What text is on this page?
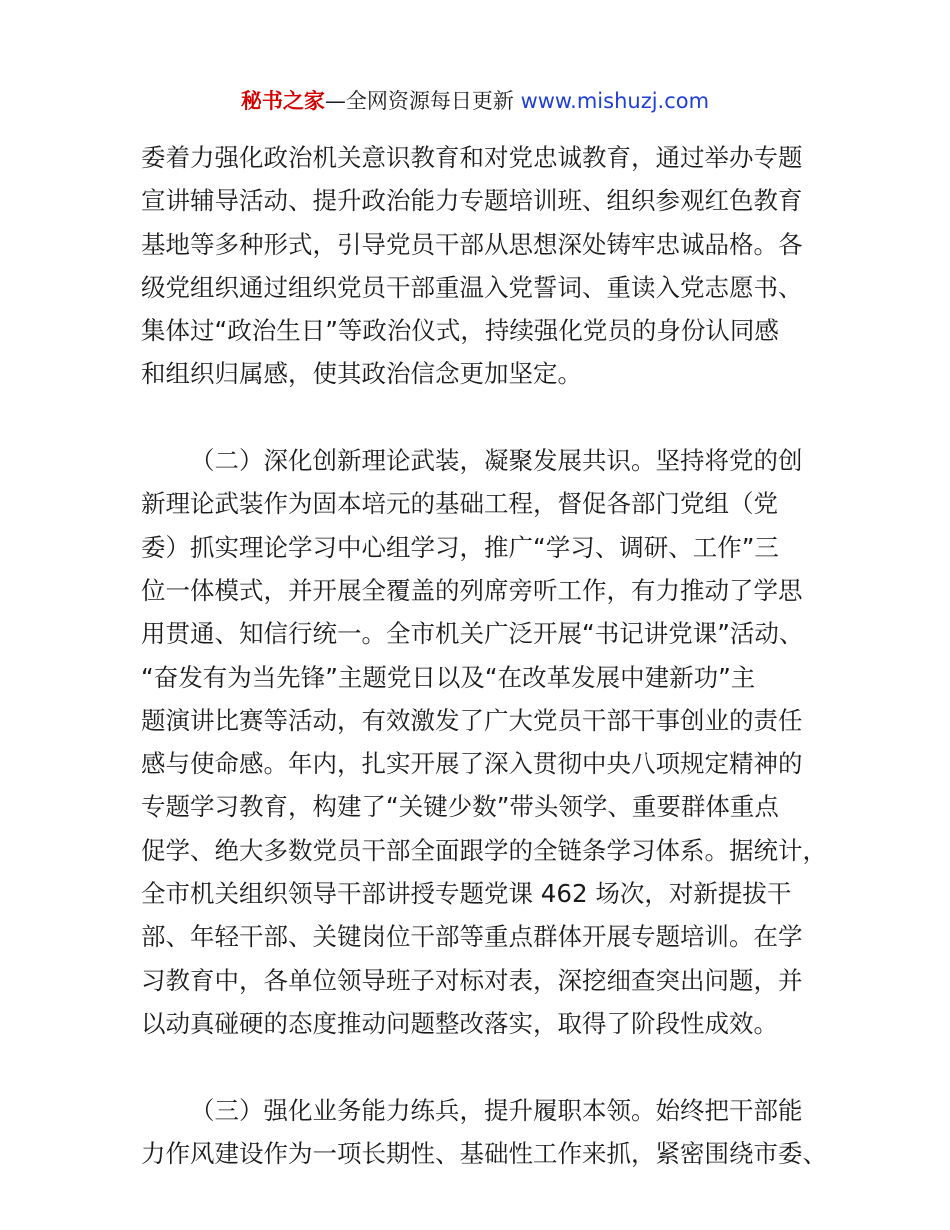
秘书之家—全网资源每日更新 www.mishuzj.com
委着力强化政治机关意识教育和对党忠诚教育，通过举办专题
宣讲辅导活动、提升政治能力专题培训班、组织参观红色教育
基地等多种形式，引导党员干部从思想深处铸牢忠诚品格。各
级党组织通过组织党员干部重温入党誓词、重读入党志愿书、
集体过“政治生日”等政治仪式，持续强化党员的身份认同感
和组织归属感，使其政治信念更加坚定。
（二）深化创新理论武装，凝聚发展共识。坚持将党的创
新理论武装作为固本培元的基础工程，督促各部门党组（党
委）抓实理论学习中心组学习，推广“学习、调研、工作”三
位一体模式，并开展全覆盖的列席旁听工作，有力推动了学思
用贯通、知信行统一。全市机关广泛开展“书记讲党课”活动、
“奋发有为当先锋”主题党日以及“在改革发展中建新功”主
题演讲比赛等活动，有效激发了广大党员干部干事创业的责任
感与使命感。年内，扎实开展了深入贯彻中央八项规定精神的
专题学习教育，构建了“关键少数”带头领学、重要群体重点
促学、绝大多数党员干部全面跟学的全链条学习体系。据统计，
全市机关组织领导干部讲授专题党课 462 场次，对新提拔干
部、年轻干部、关键岗位干部等重点群体开展专题培训。在学
习教育中，各单位领导班子对标对表，深挖细查突出问题，并
以动真碰硬的态度推动问题整改落实，取得了阶段性成效。
（三）强化业务能力练兵，提升履职本领。始终把干部能
力作风建设作为一项长期性、基础性工作来抓，紧密围绕市委、
